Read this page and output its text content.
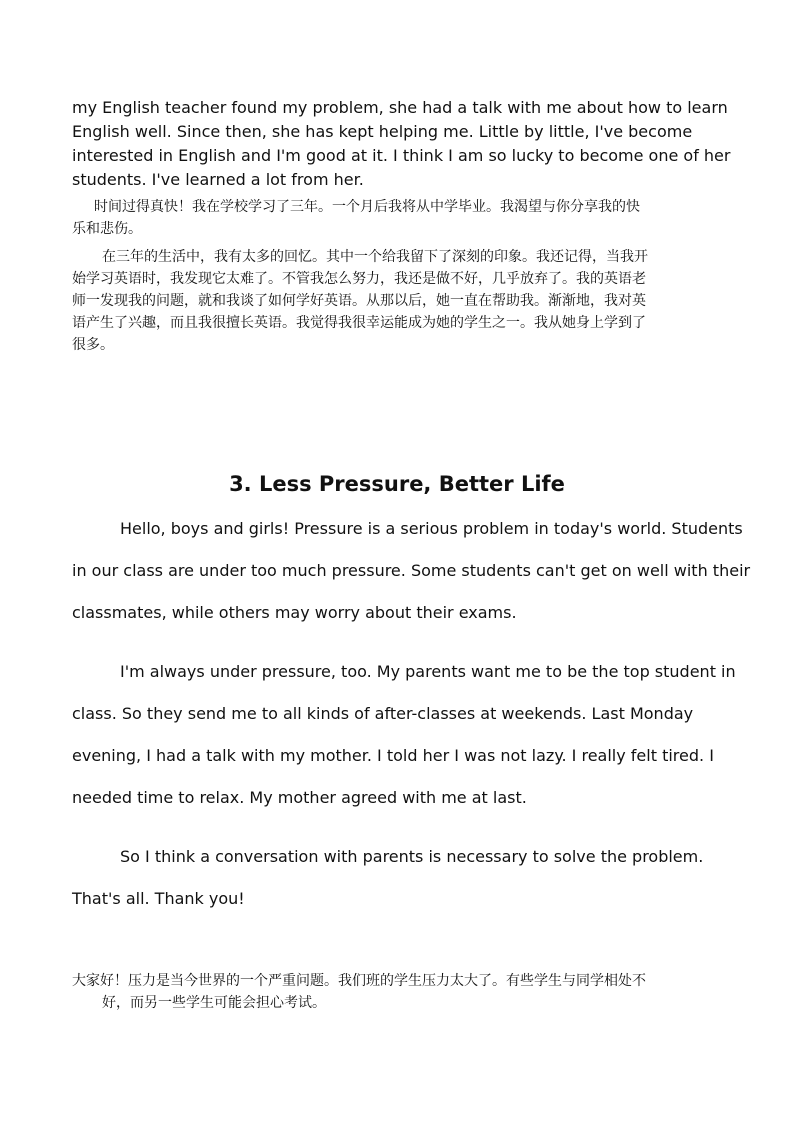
my English teacher found my problem, she had a talk with me about how to learn
English well. Since then, she has kept helping me. Little by little, I've become
interested in English and I'm good at it. I think I am so lucky to become one of her
students. I've learned a lot from her.

时间过得真快！我在学校学习了三年。一个月后我将从中学毕业。我渴望与你分享我的快
乐和悲伤。

在三年的生活中，我有太多的回忆。其中一个给我留下了深刻的印象。我还记得，当我开
始学习英语时，我发现它太难了。不管我怎么努力，我还是做不好，几乎放弃了。我的英语老
师一发现我的问题，就和我谈了如何学好英语。从那以后，她一直在帮助我。渐渐地，我对英
语产生了兴趣，而且我很擅长英语。我觉得我很幸运能成为她的学生之一。我从她身上学到了
很多。

3. Less Pressure, Better Life

Hello, boys and girls! Pressure is a serious problem in today's world. Students
in our class are under too much pressure. Some students can't get on well with their
classmates, while others may worry about their exams.

I'm always under pressure, too. My parents want me to be the top student in
class. So they send me to all kinds of after-classes at weekends. Last Monday
evening, I had a talk with my mother. I told her I was not lazy. I really felt tired. I
needed time to relax. My mother agreed with me at last.

So I think a conversation with parents is necessary to solve the problem.
That's all. Thank you!

大家好！压力是当今世界的一个严重问题。我们班的学生压力太大了。有些学生与同学相处不
好，而另一些学生可能会担心考试。
